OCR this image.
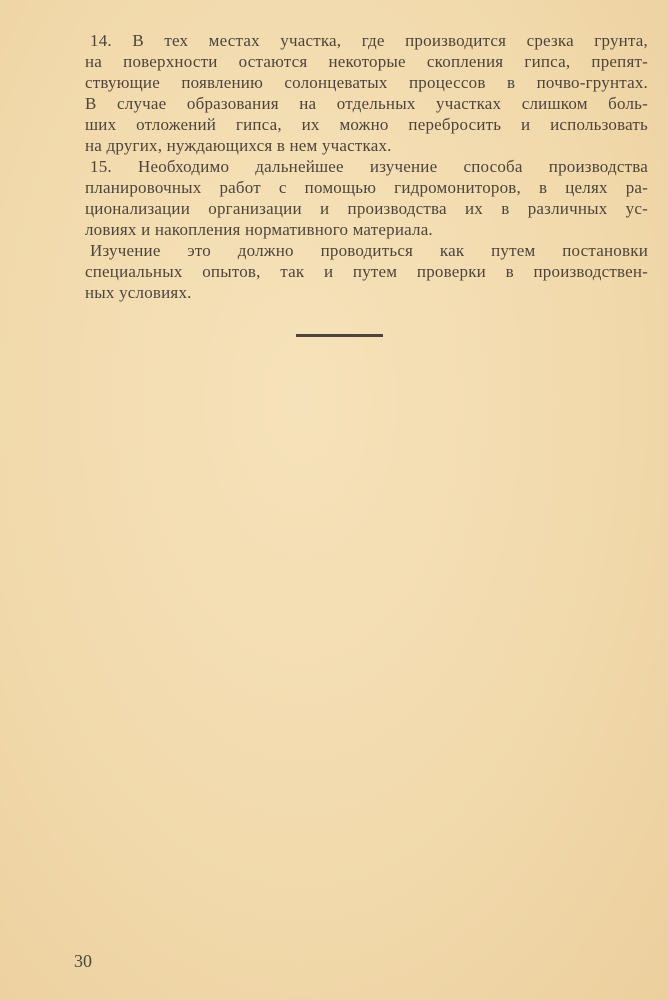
14. В тех местах участка, где производится срезка грунта,
на поверхности остаются некоторые скопления гипса, препят-
ствующие появлению солонцеватых процессов в почво-грунтах.
В случае образования на отдельных участках слишком боль-
ших отложений гипса, их можно перебросить и использовать
на других, нуждающихся в нем участках.
15. Необходимо дальнейшее изучение способа производства
планировочных работ с помощью гидромониторов, в целях ра-
ционализации организации и производства их в различных ус-
ловиях и накопления нормативного материала.
Изучение это должно проводиться как путем постановки
специальных опытов, так и путем проверки в производствен-
ных условиях.
30
